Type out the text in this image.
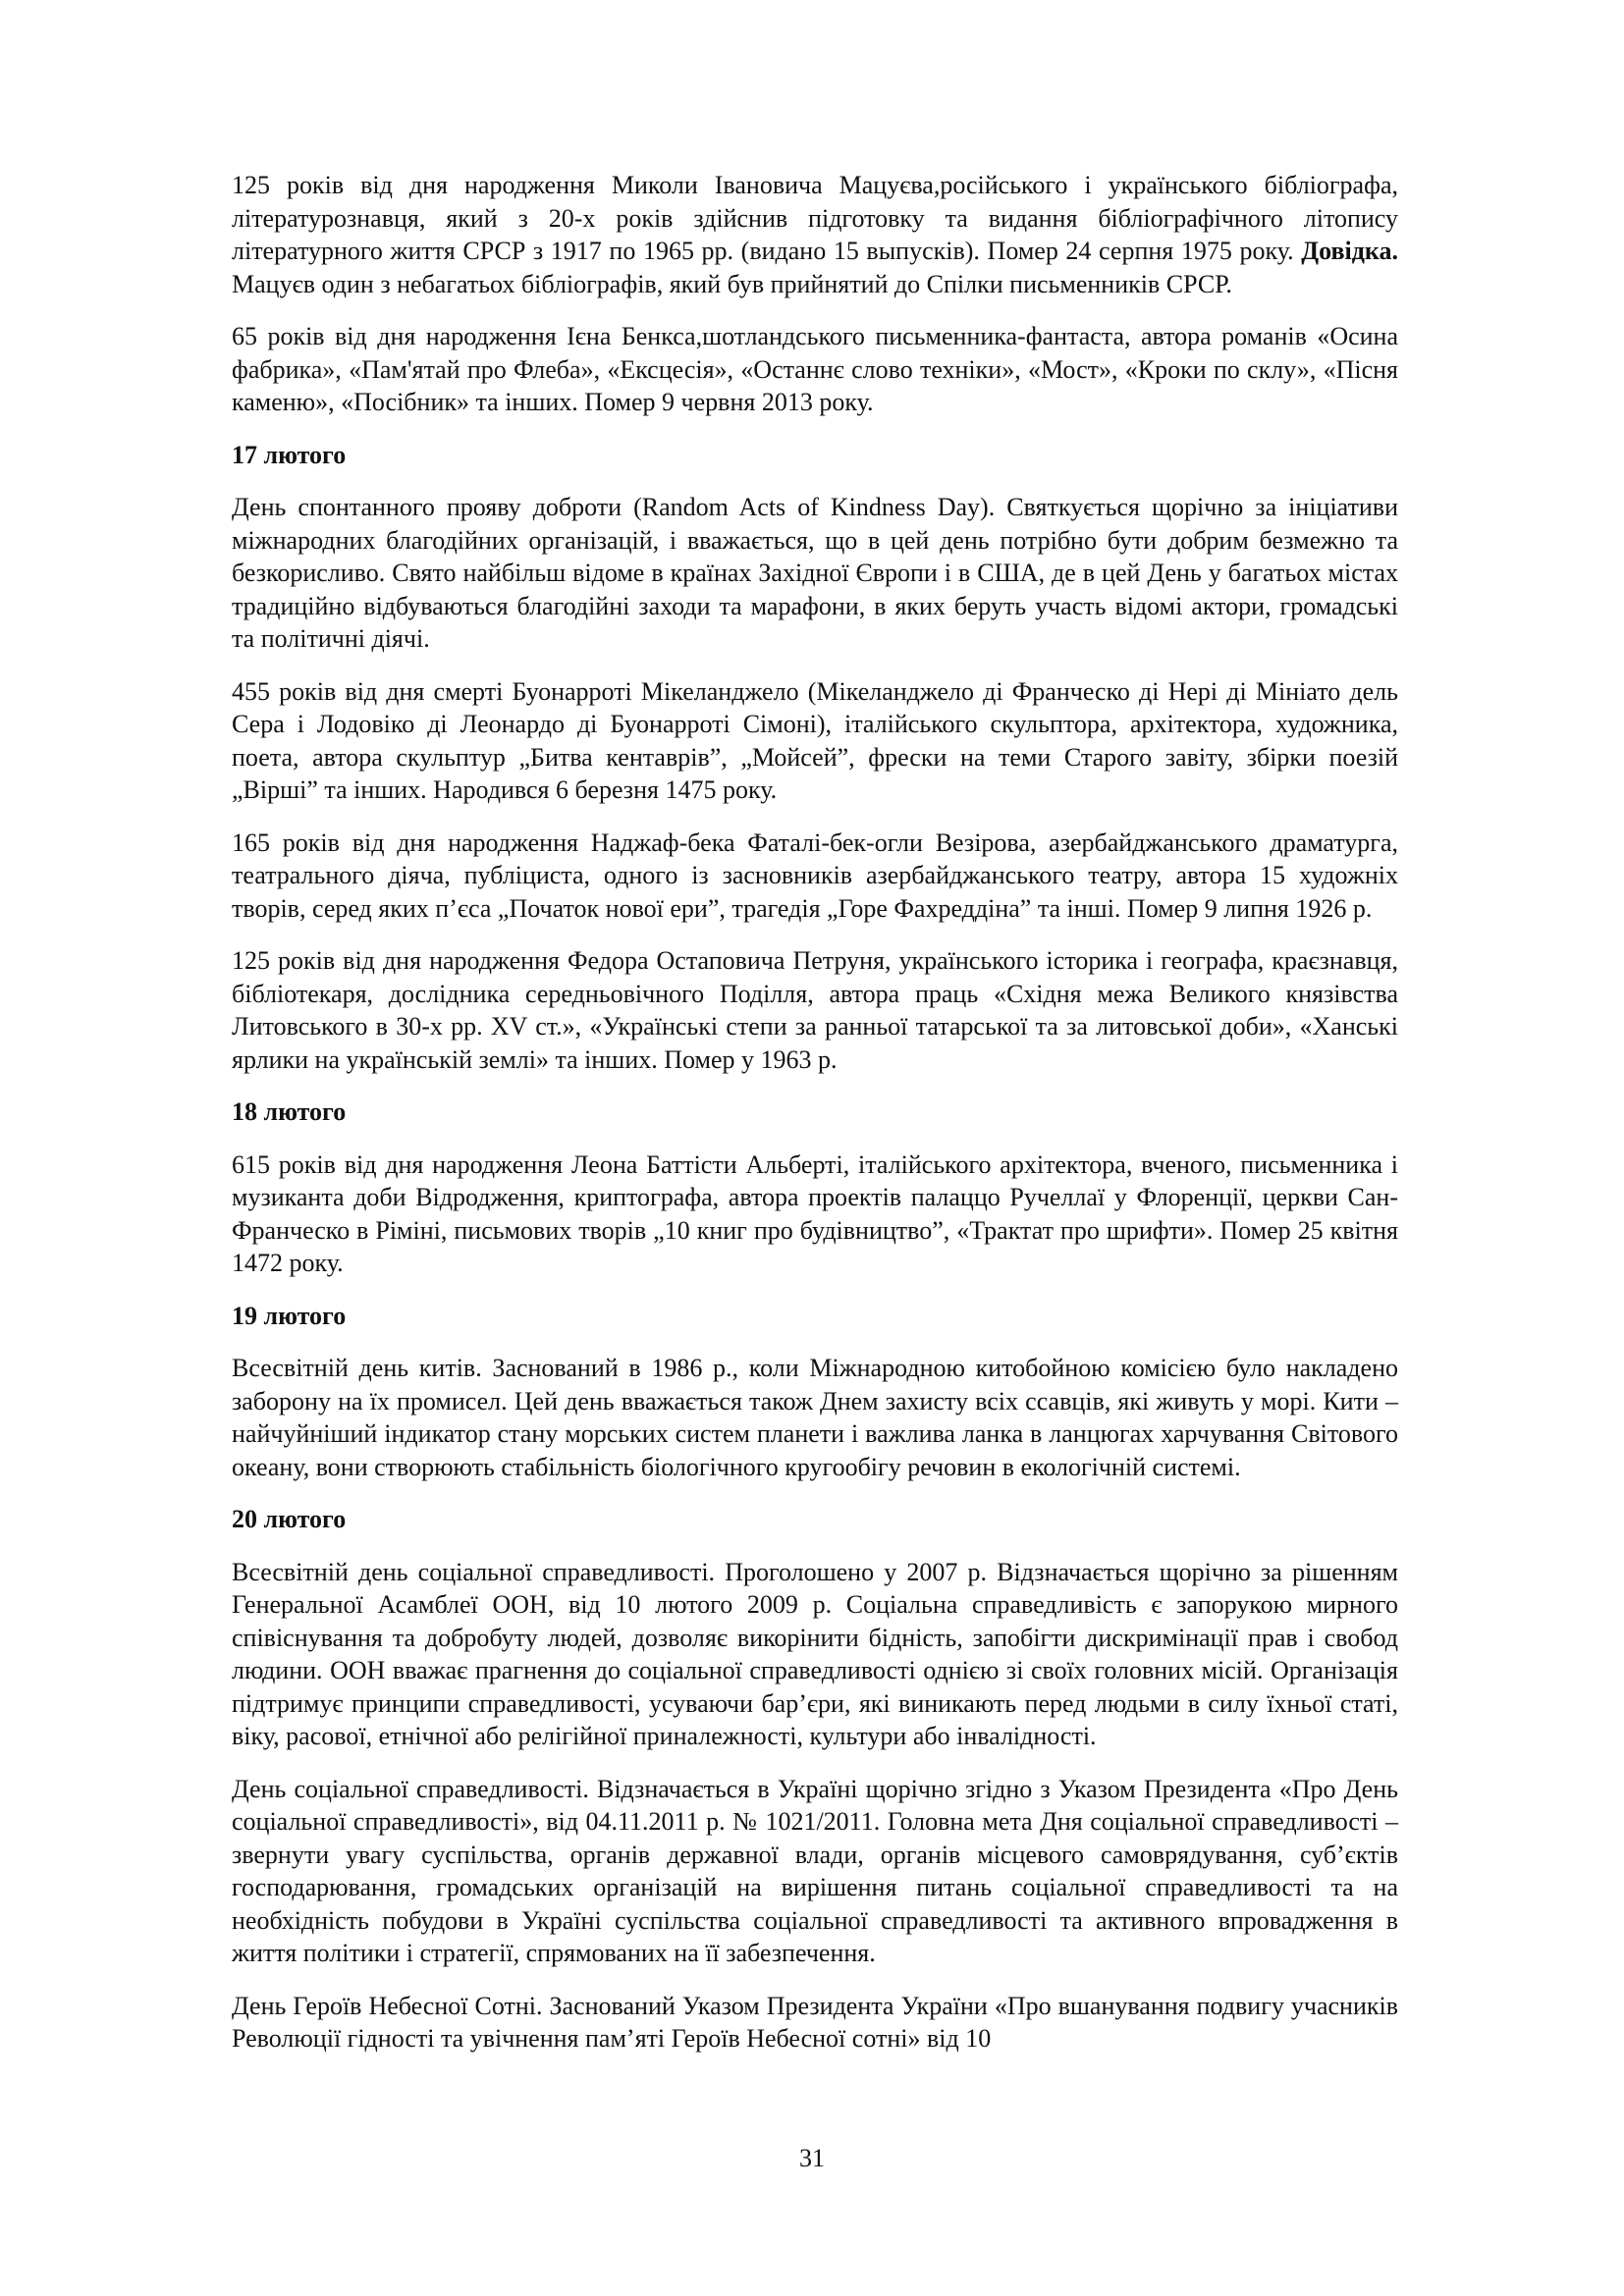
125 років від дня народження Миколи Івановича Мацуєва,російського і українського бібліографа, літературознавця, який з 20-х років здійснив підготовку та видання бібліографічного літопису літературного життя СРСР з 1917 по 1965 рр. (видано 15 выпусків). Помер 24 серпня 1975 року. Довідка. Мацуєв один з небагатьох бібліографів, який був прийнятий до Спілки письменників СРСР.

65 років від дня народження Ієна Бенкса,шотландського письменника-фантаста, автора романів «Осина фабрика», «Пам'ятай про Флеба», «Ексцесія», «Останнє слово техніки», «Мост», «Кроки по склу», «Пісня каменю», «Посібник» та інших. Помер 9 червня 2013 року.

17 лютого

День спонтанного прояву доброти (Random Acts of Kindness Day). Святкується щорічно за ініціативи міжнародних благодійних організацій, і вважається, що в цей день потрібно бути добрим безмежно та безкорисливо. Свято найбільш відоме в країнах Західної Європи і в США, де в цей День у багатьох містах традиційно відбуваються благодійні заходи та марафони, в яких беруть участь відомі актори, громадські та політичні діячі.

455 років від дня смерті Буонарроті Мікеланджело (Мікеланджело ді Франческо ді Нері ді Мініато дель Сера і Лодовіко ді Леонардо ді Буонарроті Сімоні), італійського скульптора, архітектора, художника, поета, автора скульптур „Битва кентаврів”, „Мойсей”, фрески на теми Старого завіту, збірки поезій „Вірші” та інших. Народився 6 березня 1475 року.

165 років від дня народження Наджаф-бека Фаталі-бек-огли Везірова, азербайджанського драматурга, театрального діяча, публіциста, одного із засновників азербайджанського театру, автора 15 художніх творів, серед яких п’єса „Початок нової ери”, трагедія „Горе Фахреддіна” та інші. Помер 9 липня 1926 р.

125 років від дня народження Федора Остаповича Петруня, українського історика і географа, краєзнавця, бібліотекаря, дослідника середньовічного Поділля, автора праць «Східня межа Великого князівства Литовського в 30-х рр. XV ст.», «Українські степи за ранньої татарської та за литовської доби», «Ханські ярлики на українській землі» та інших. Помер у 1963 р.

18 лютого

615 років від дня народження Леона Баттісти Альберті, італійського архітектора, вченого, письменника і музиканта доби Відродження, криптографа, автора проектів палаццо Ручеллаї у Флоренції, церкви Сан-Франческо в Ріміні, письмових творів „10 книг про будівництво”, «Трактат про шрифти». Помер 25 квітня 1472 року.

19 лютого

Всесвітній день китів. Заснований в 1986 р., коли Міжнародною китобойною комісією було накладено заборону на їх промисел. Цей день вважається також Днем захисту всіх ссавців, які живуть у морі. Кити – найчуйніший індикатор стану морських систем планети і важлива ланка в ланцюгах харчування Світового океану, вони створюють стабільність біологічного кругообігу речовин в екологічній системі.

20 лютого

Всесвітній день соціальної справедливості. Проголошено у 2007 р. Відзначається щорічно за рішенням Генеральної Асамблеї ООН, від 10 лютого 2009 р. Соціальна справедливість є запорукою мирного співіснування та добробуту людей, дозволяє викорінити бідність, запобігти дискримінації прав і свобод людини. ООН вважає прагнення до соціальної справедливості однією зі своїх головних місій. Організація підтримує принципи справедливості, усуваючи бар’єри, які виникають перед людьми в силу їхньої статі, віку, расової, етнічної або релігійної приналежності, культури або інвалідності.

День соціальної справедливості. Відзначається в Україні щорічно згідно з Указом Президента «Про День соціальної справедливості», від 04.11.2011 р. № 1021/2011. Головна мета Дня соціальної справедливості – звернути увагу суспільства, органів державної влади, органів місцевого самоврядування, суб’єктів господарювання, громадських організацій на вирішення питань соціальної справедливості та на необхідність побудови в Україні суспільства соціальної справедливості та активного впровадження в життя політики і стратегії, спрямованих на її забезпечення.

День Героїв Небесної Сотні. Заснований Указом Президента України «Про вшанування подвигу учасників Революції гідності та увічнення пам’яті Героїв Небесної сотні» від 10

31
